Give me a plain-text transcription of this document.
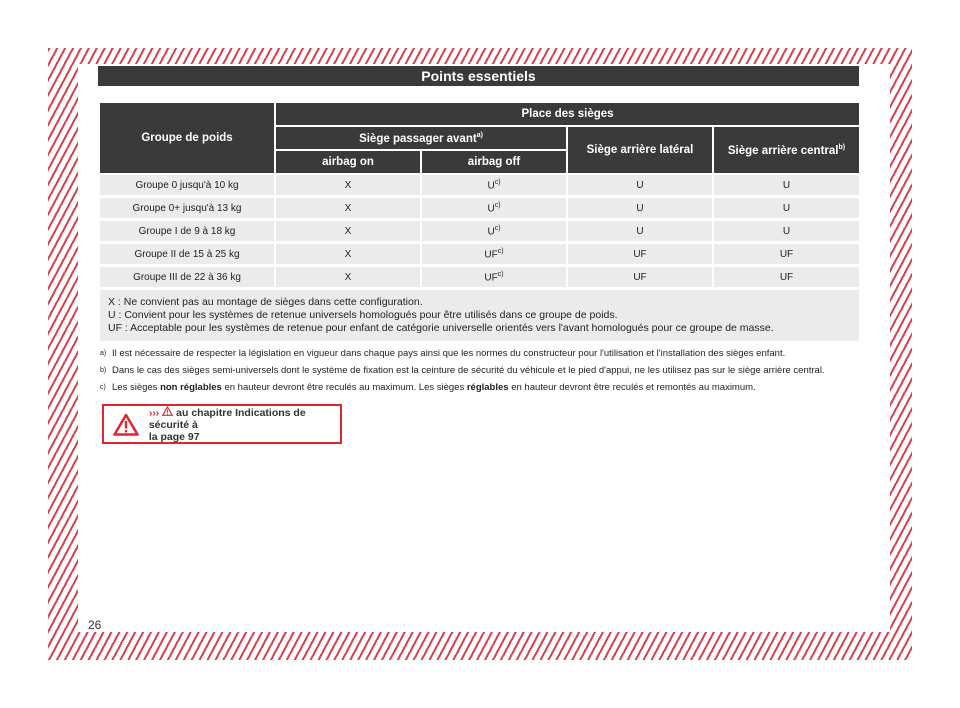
Points essentiels
Groupe de poids	Place des sièges			
	Siège passager avant$^{a)}$		Siège arrière latéral	Siège arrière central$^{b)}$
	airbag on	airbag off		
Groupe 0 jusqu'à 10 kg	X	$U^{c)}$	U	U
Groupe 0+ jusqu'à 13 kg	X	$U^{c)}$	U	U
Groupe I de 9 à 18 kg	X	$U^{c)}$	U	U
Groupe II de 15 à 25 kg	X	UF$^{c)}$	UF	UF
Groupe III de 22 à 36 kg	X	UF$^{c)}$	UF	UF

X : Ne convient pas au montage de sièges dans cette configuration.
U : Convient pour les systèmes de retenue universels homologués pour être utilisés dans ce groupe de poids.
UF : Acceptable pour les systèmes de retenue pour enfant de catégorie universelle orientés vers l'avant homologués pour ce groupe de masse.				
a) Il est nécessaire de respecter la législation en vigueur dans chaque pays ainsi que les normes du constructeur pour l'utilisation et l'installation des sièges enfant.
b) Dans le cas des sièges semi-universels dont le système de fixation est la ceinture de sécurité du véhicule et le pied d'appui, ne les utilisez pas sur le siège arrière central.
c) Les sièges non réglables en hauteur devront être reculés au maximum. Les sièges réglables en hauteur devront être reculés et remontés au maximum.
›››  au chapitre Indications de sécurité à
la page 97
26
